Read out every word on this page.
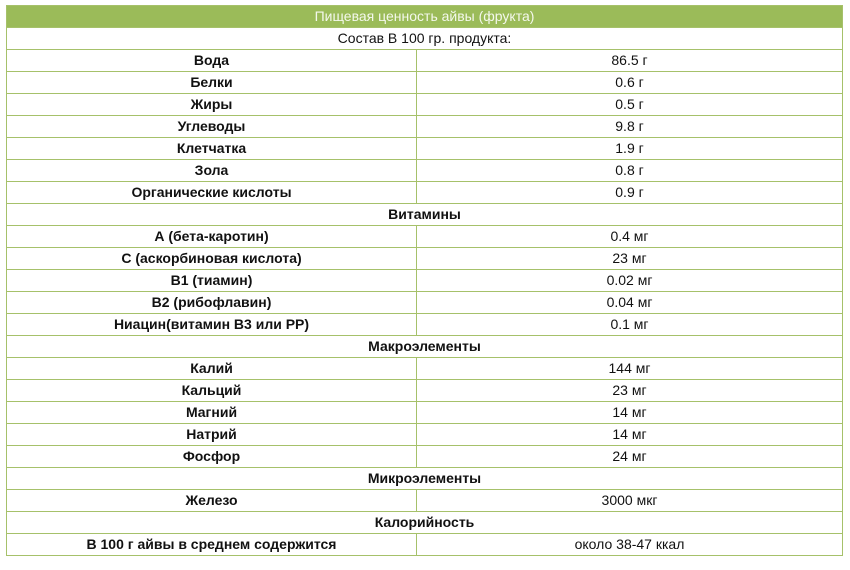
Пищевая ценность айвы (фрукта)	
Состав В 100 гр. продукта:	
Вода	86.5 г
Белки	0.6 г
Жиры	0.5 г
Углеводы	9.8 г
Клетчатка	1.9 г
Зола	0.8 г
Органические кислоты	0.9 г
Витамины	
А (бета-каротин)	0.4 мг
С (аскорбиновая кислота)	23 мг
В1 (тиамин)	0.02 мг
В2 (рибофлавин)	0.04 мг
Ниацин(витамин В3 или РР)	0.1 мг
Макроэлементы	
Калий	144 мг
Кальций	23 мг
Магний	14 мг
Натрий	14 мг
Фосфор	24 мг
Микроэлементы	
Железо	3000 мкг
Калорийность	
В 100 г айвы в среднем содержится	около 38-47 ккал
